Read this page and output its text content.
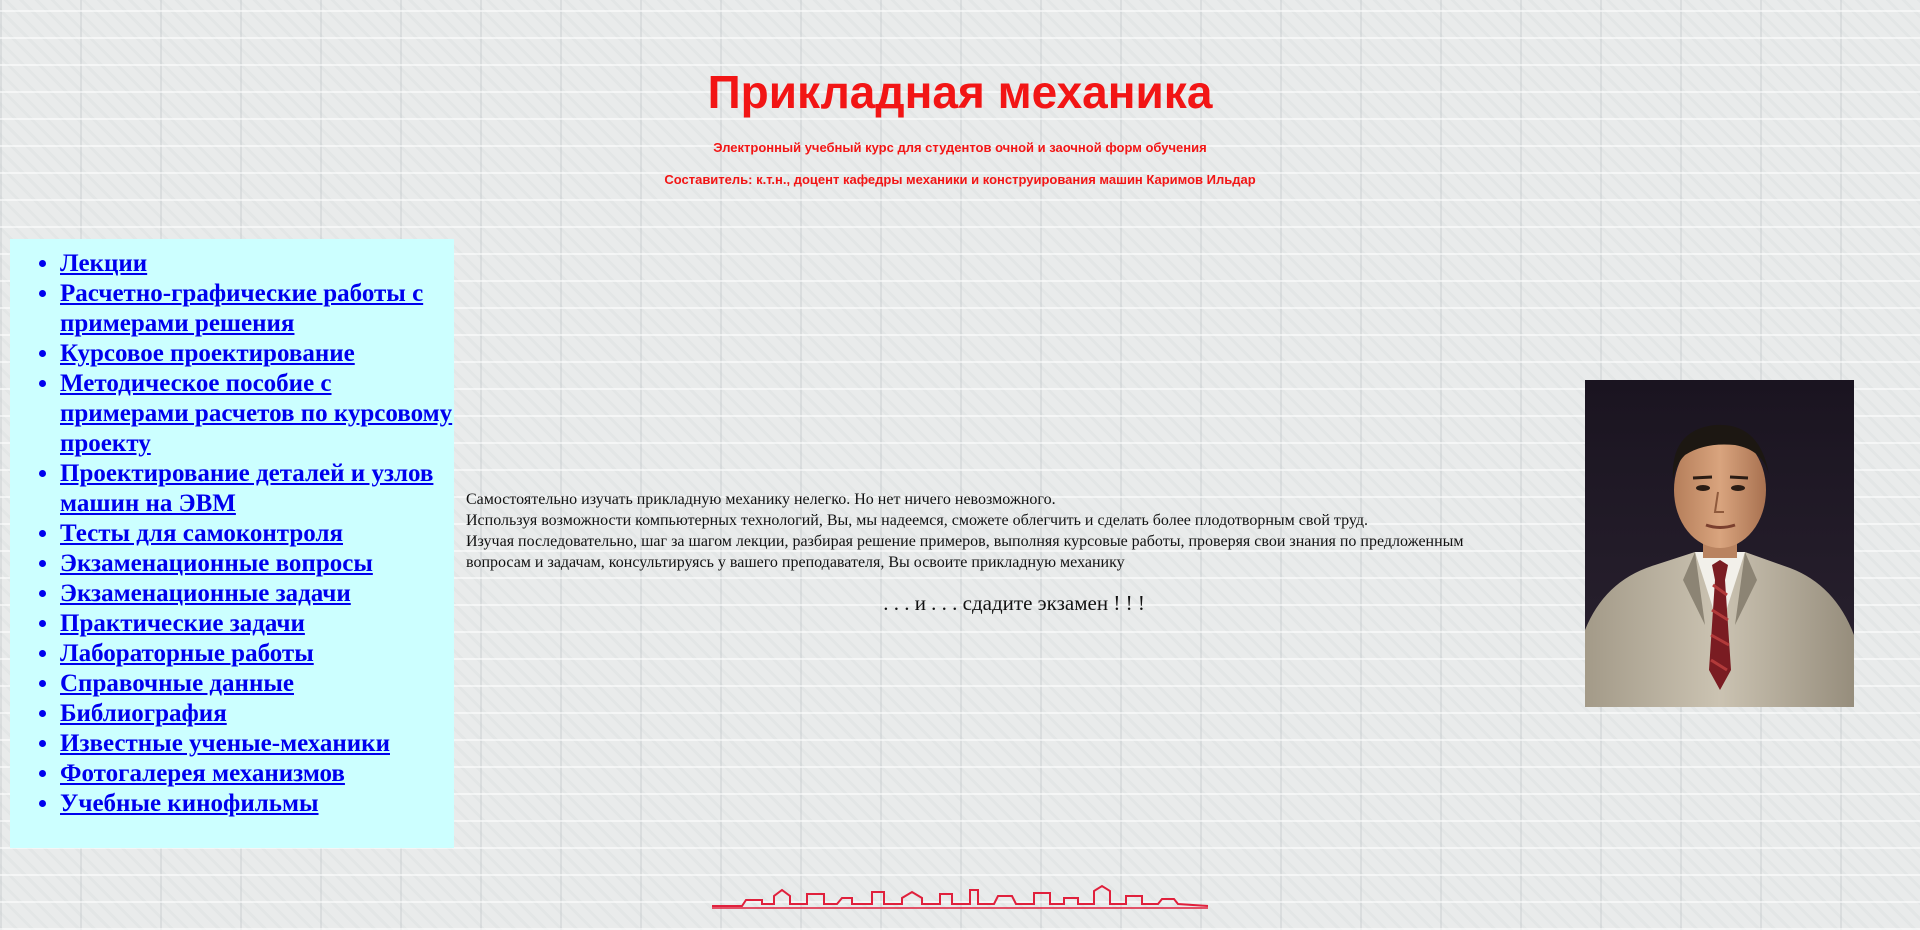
Прикладная механика

Электронный учебный курс для студентов очной и заочной форм обучения

Составитель: к.т.н., доцент кафедры механики и конструирования машин Каримов Ильдар

• Лекции
• Расчетно-графические работы с примерами решения
• Курсовое проектирование
• Методическое пособие с примерами расчетов по курсовому проекту
• Проектирование деталей и узлов машин на ЭВМ
• Тесты для самоконтроля
• Экзаменационные вопросы
• Экзаменационные задачи
• Практические задачи
• Лабораторные работы
• Справочные данные
• Библиография
• Известные ученые-механики
• Фотогалерея механизмов
• Учебные кинофильмы

Самостоятельно изучать прикладную механику нелегко. Но нет ничего невозможного.

Используя возможности компьютерных технологий, Вы, мы надеемся, сможете облегчить и сделать более плодотворным свой труд.

Изучая последовательно, шаг за шагом лекции, разбирая решение примеров, выполняя курсовые работы, проверяя свои знания по предложенным вопросам и задачам, консультируясь у вашего преподавателя, Вы освоите прикладную механику

. . . и . . . сдадите экзамен ! ! !
